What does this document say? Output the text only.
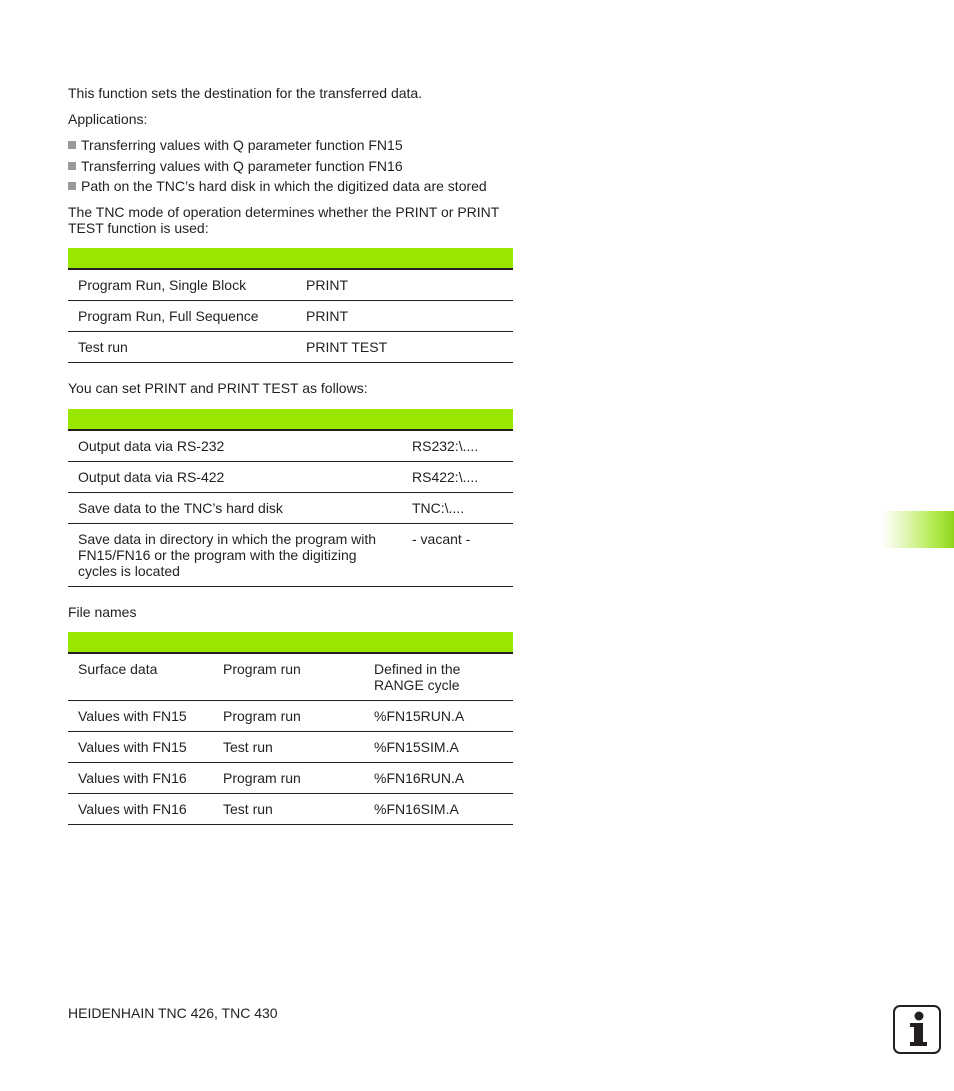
This function sets the destination for the transferred data.

Applications:

Transferring values with Q parameter function FN15
Transferring values with Q parameter function FN16
Path on the TNC’s hard disk in which the digitized data are stored

The TNC mode of operation determines whether the PRINT or PRINT TEST function is used:

Program Run, Single Block	PRINT
Program Run, Full Sequence	PRINT
Test run	PRINT TEST

You can set PRINT and PRINT TEST as follows:

Output data via RS-232	RS232:\....
Output data via RS-422	RS422:\....
Save data to the TNC’s hard disk	TNC:\....
Save data in directory in which the program with FN15/FN16 or the program with the digitizing cycles is located	- vacant -

File names

Surface data	Program run	Defined in the RANGE cycle
Values with FN15	Program run	%FN15RUN.A
Values with FN15	Test run	%FN15SIM.A
Values with FN16	Program run	%FN16RUN.A
Values with FN16	Test run	%FN16SIM.A
HEIDENHAIN TNC 426, TNC 430
